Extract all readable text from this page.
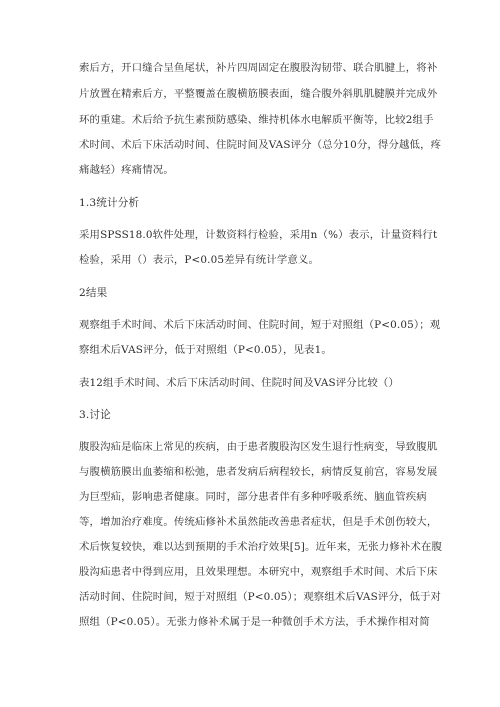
索后方，开口缝合呈鱼尾状，补片四周固定在腹股沟韧带、联合肌腱上，将补
片放置在精索后方，平整覆盖在腹横筋膜表面，缝合腹外斜肌肌腱膜并完成外
环的重建。术后给予抗生素预防感染、维持机体水电解质平衡等，比较2组手
术时间、术后下床活动时间、住院时间及VAS评分（总分10分，得分越低，疼
痛越轻）疼痛情况。
1.3统计分析
采用SPSS18.0软件处理，计数资料行检验，采用n（%）表示，计量资料行t
检验，采用（）表示，P<0.05差异有统计学意义。
2结果
观察组手术时间、术后下床活动时间、住院时间，短于对照组（P<0.05）；观
察组术后VAS评分，低于对照组（P<0.05），见表1。
表12组手术时间、术后下床活动时间、住院时间及VAS评分比较（）
3.讨论
腹股沟疝是临床上常见的疾病，由于患者腹股沟区发生退行性病变，导致腹肌
与腹横筋膜出血萎缩和松弛，患者发病后病程较长，病情反复前宫，容易发展
为巨型疝，影响患者健康。同时，部分患者伴有多种呼吸系统、脑血管疾病
等，增加治疗难度。传统疝修补术虽然能改善患者症状，但是手术创伤较大，
术后恢复较快，难以达到预期的手术治疗效果[5]。近年来，无张力修补术在腹
股沟疝患者中得到应用，且效果理想。本研究中，观察组手术时间、术后下床
活动时间、住院时间，短于对照组（P<0.05）；观察组术后VAS评分，低于对
照组（P<0.05）。无张力修补术属于是一种微创手术方法，手术操作相对简
